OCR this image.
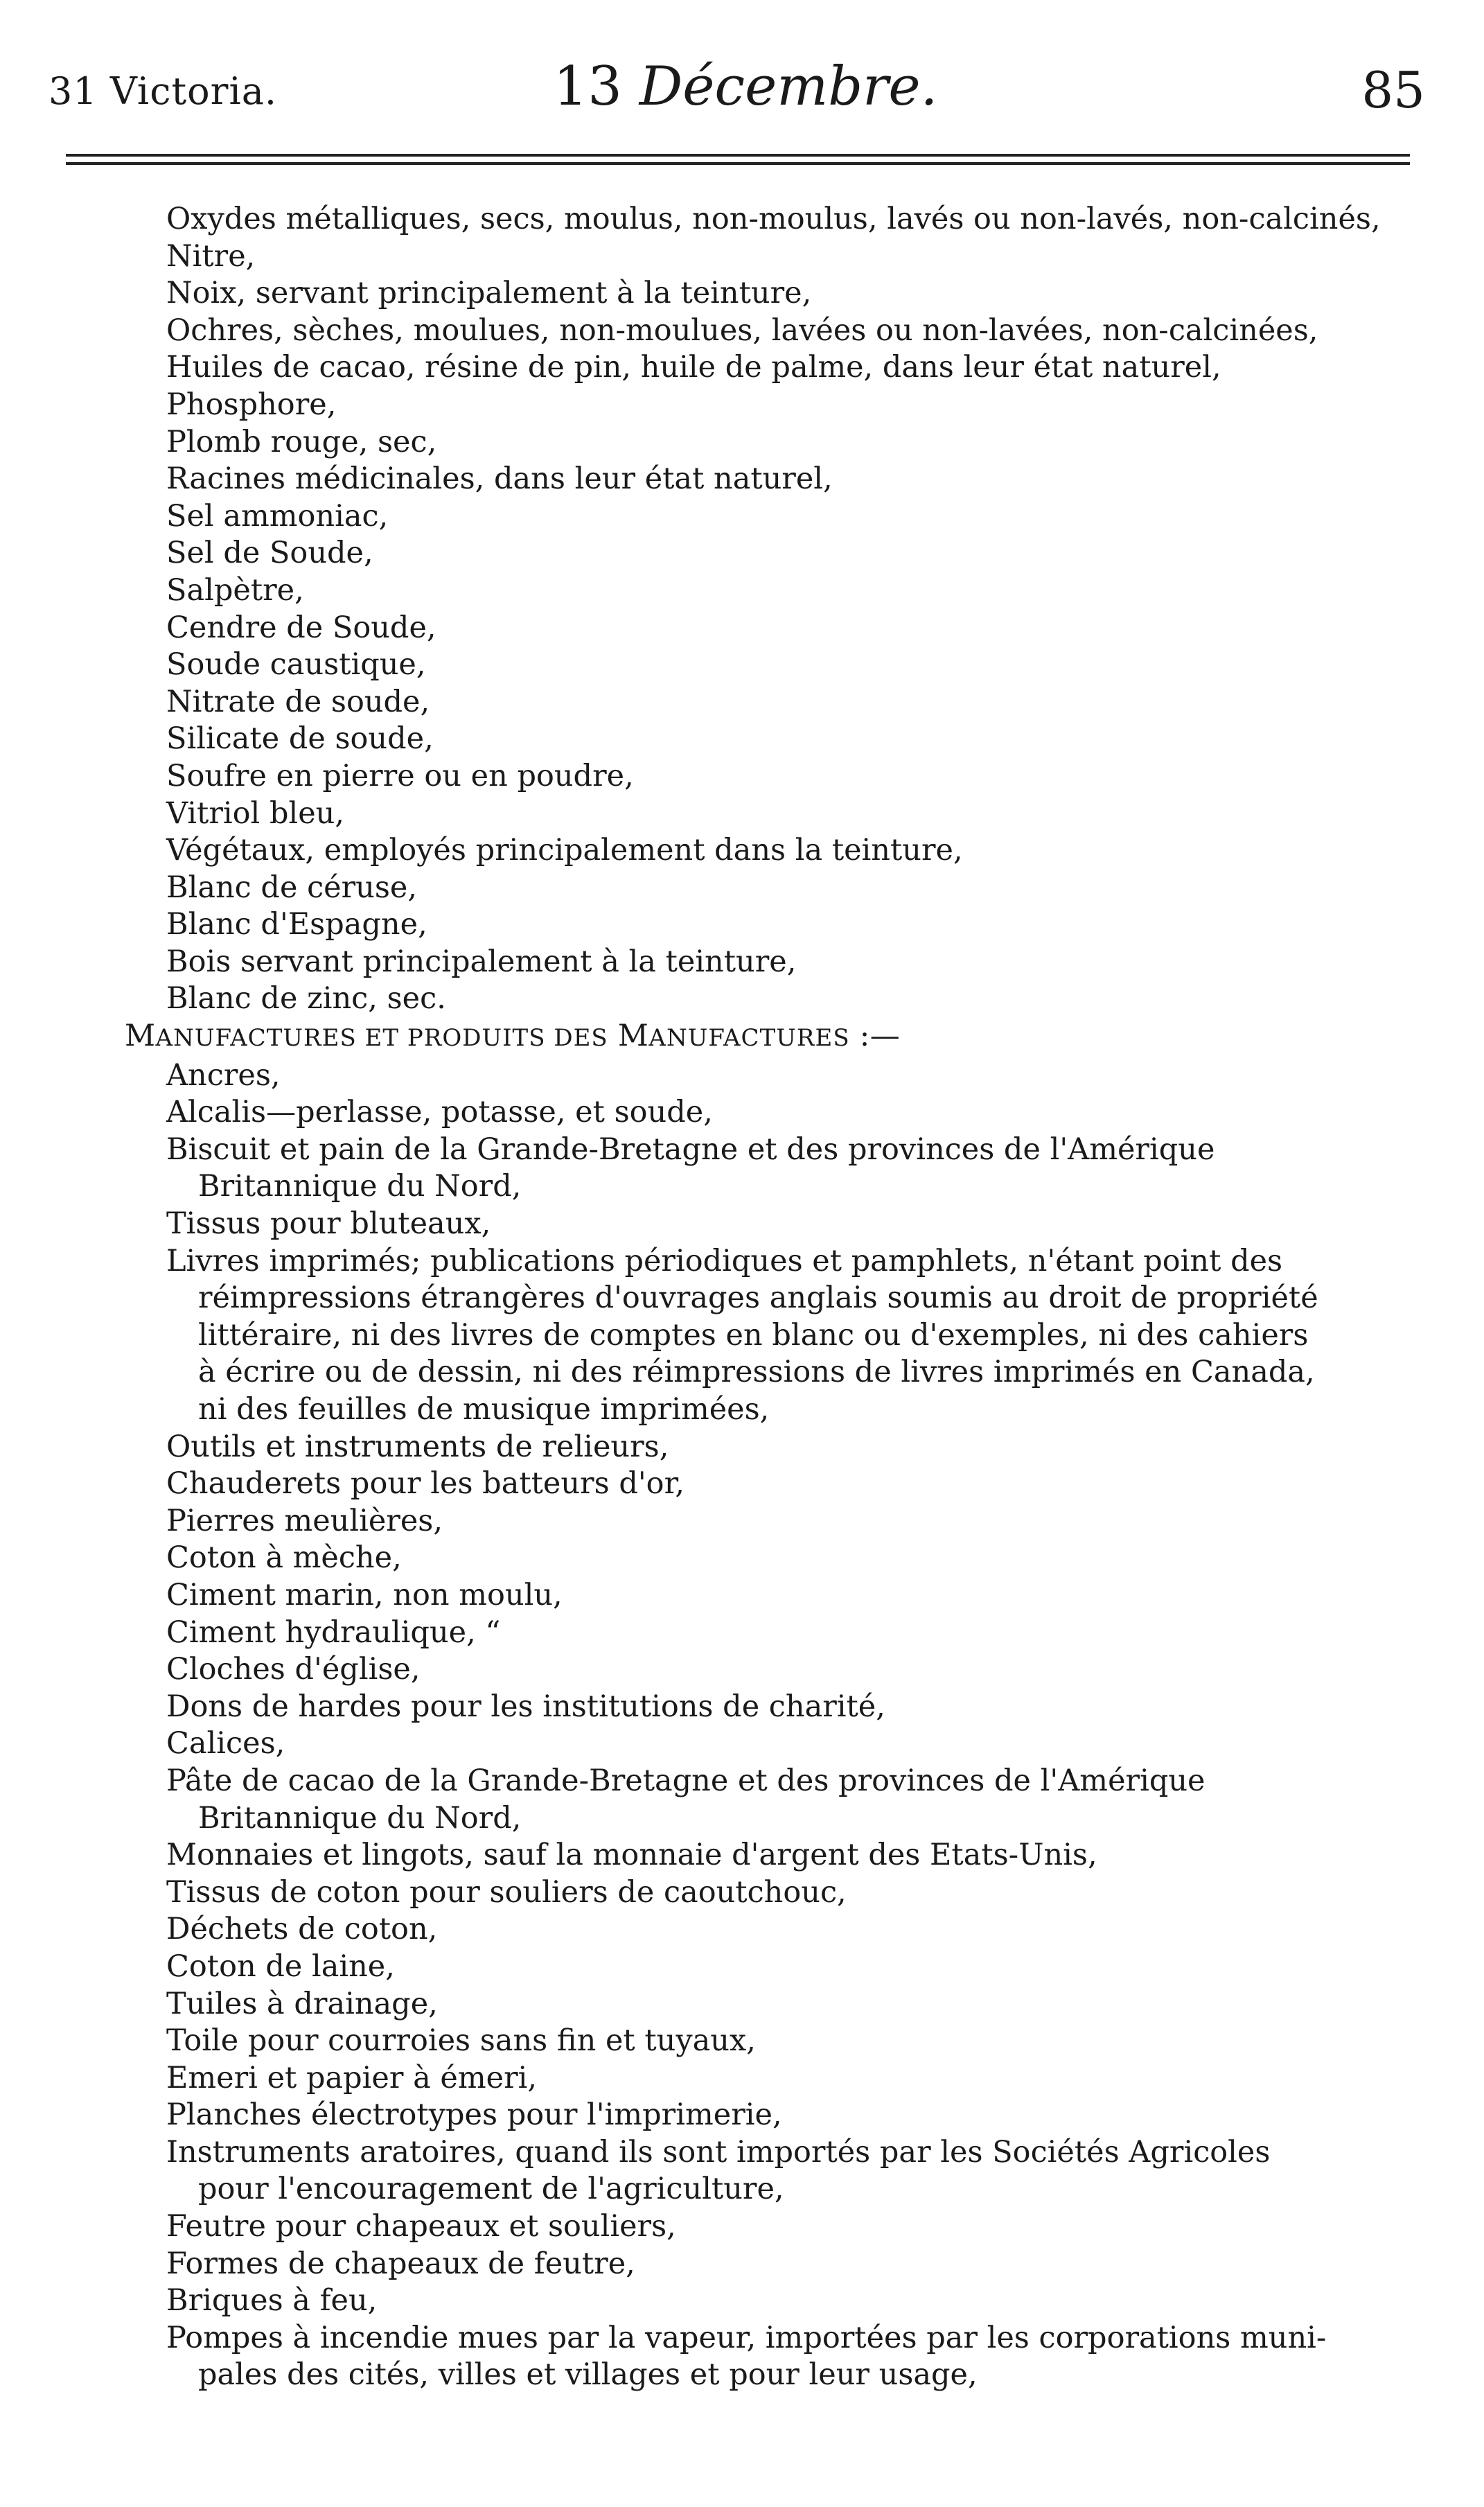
31 Victoria.	13 Décembre.	85
Oxydes métalliques, secs, moulus, non-moulus, lavés ou non-lavés, non-calcinés,
Nitre,
Noix, servant principalement à la teinture,
Ochres, sèches, moulues, non-moulues, lavées ou non-lavées, non-calcinées,
Huiles de cacao, résine de pin, huile de palme, dans leur état naturel,
Phosphore,
Plomb rouge, sec,
Racines médicinales, dans leur état naturel,
Sel ammoniac,
Sel de Soude,
Salpètre,
Cendre de Soude,
Soude caustique,
Nitrate de soude,
Silicate de soude,
Soufre en pierre ou en poudre,
Vitriol bleu,
Végétaux, employés principalement dans la teinture,
Blanc de céruse,
Blanc d'Espagne,
Bois servant principalement à la teinture,
Blanc de zinc, sec.
MANUFACTURES ET PRODUITS DES MANUFACTURES :—
Ancres,
Alcalis—perlasse, potasse, et soude,
Biscuit et pain de la Grande-Bretagne et des provinces de l'Amérique
Britannique du Nord,
Tissus pour bluteaux,
Livres imprimés; publications périodiques et pamphlets, n'étant point des
réimpressions étrangères d'ouvrages anglais soumis au droit de propriété
littéraire, ni des livres de comptes en blanc ou d'exemples, ni des cahiers
à écrire ou de dessin, ni des réimpressions de livres imprimés en Canada,
ni des feuilles de musique imprimées,
Outils et instruments de relieurs,
Chauderets pour les batteurs d'or,
Pierres meulières,
Coton à mèche,
Ciment marin, non moulu,
Ciment hydraulique, “
Cloches d'église,
Dons de hardes pour les institutions de charité,
Calices,
Pâte de cacao de la Grande-Bretagne et des provinces de l'Amérique
Britannique du Nord,
Monnaies et lingots, sauf la monnaie d'argent des Etats-Unis,
Tissus de coton pour souliers de caoutchouc,
Déchets de coton,
Coton de laine,
Tuiles à drainage,
Toile pour courroies sans fin et tuyaux,
Emeri et papier à émeri,
Planches électrotypes pour l'imprimerie,
Instruments aratoires, quand ils sont importés par les Sociétés Agricoles
pour l'encouragement de l'agriculture,
Feutre pour chapeaux et souliers,
Formes de chapeaux de feutre,
Briques à feu,
Pompes à incendie mues par la vapeur, importées par les corporations muni-
pales des cités, villes et villages et pour leur usage,
